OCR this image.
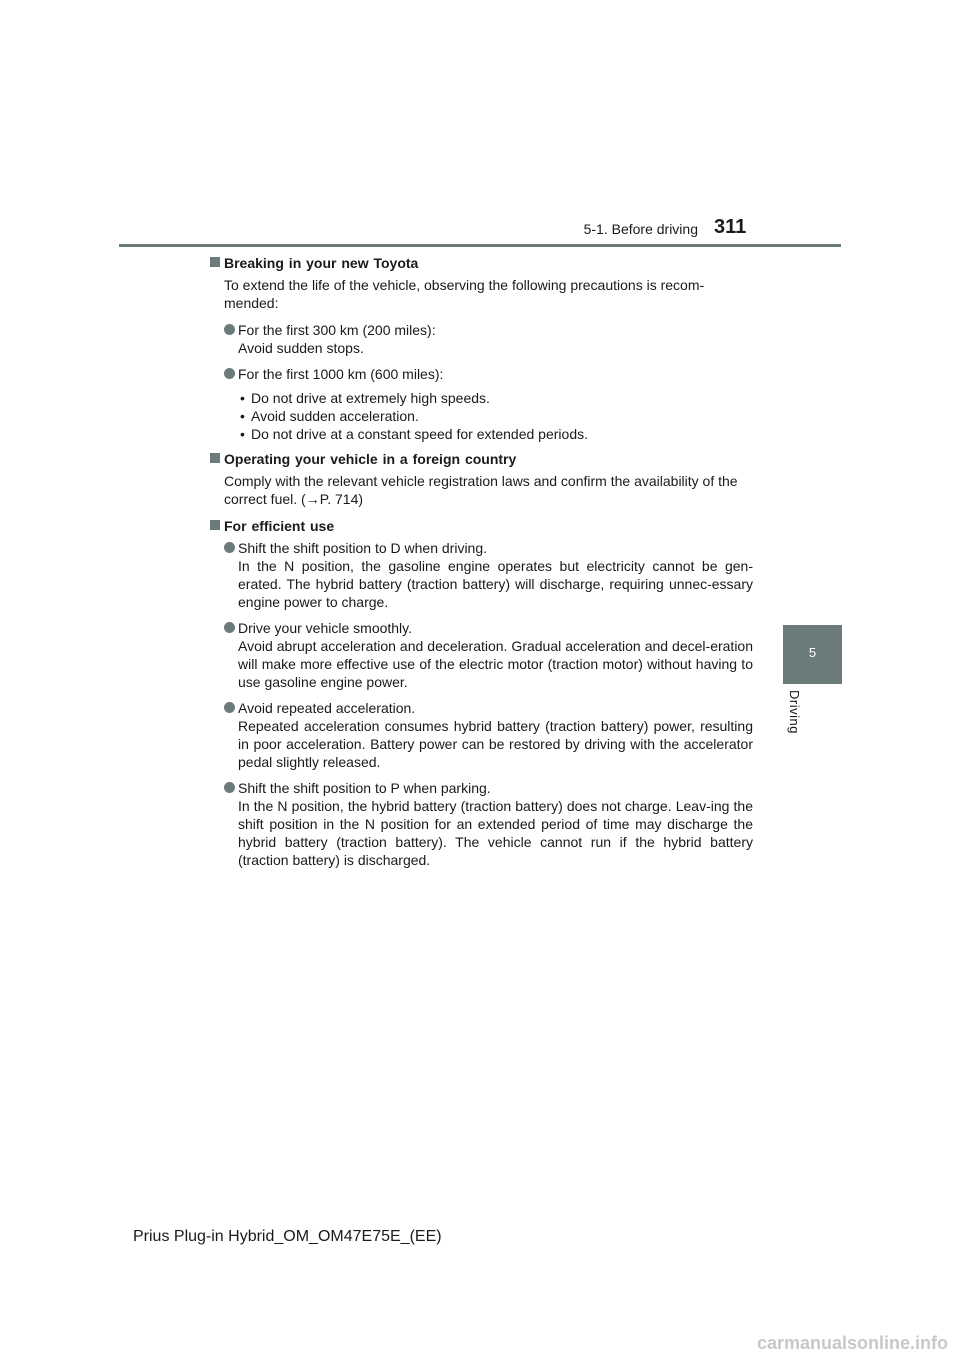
5-1. Before driving 311
5
Driving
Breaking in your new Toyota

To extend the life of the vehicle, observing the following precautions is recom-mended:

For the first 300 km (200 miles):
Avoid sudden stops.
For the first 1000 km (600 miles):
• Do not drive at extremely high speeds.
• Avoid sudden acceleration.
• Do not drive at a constant speed for extended periods.
Operating your vehicle in a foreign country

Comply with the relevant vehicle registration laws and confirm the availability of the correct fuel. (→P. 714)

For efficient use
Shift the shift position to D when driving.
In the N position, the gasoline engine operates but electricity cannot be gen-erated. The hybrid battery (traction battery) will discharge, requiring unnec-essary engine power to charge.
Drive your vehicle smoothly.
Avoid abrupt acceleration and deceleration. Gradual acceleration and decel-eration will make more effective use of the electric motor (traction motor) without having to use gasoline engine power.
Avoid repeated acceleration.
Repeated acceleration consumes hybrid battery (traction battery) power, resulting in poor acceleration. Battery power can be restored by driving with the accelerator pedal slightly released.
Shift the shift position to P when parking.
In the N position, the hybrid battery (traction battery) does not charge. Leav-ing the shift position in the N position for an extended period of time may discharge the hybrid battery (traction battery). The vehicle cannot run if the hybrid battery (traction battery) is discharged.
Prius Plug-in Hybrid_OM_OM47E75E_(EE)
carmanualsonline.info
